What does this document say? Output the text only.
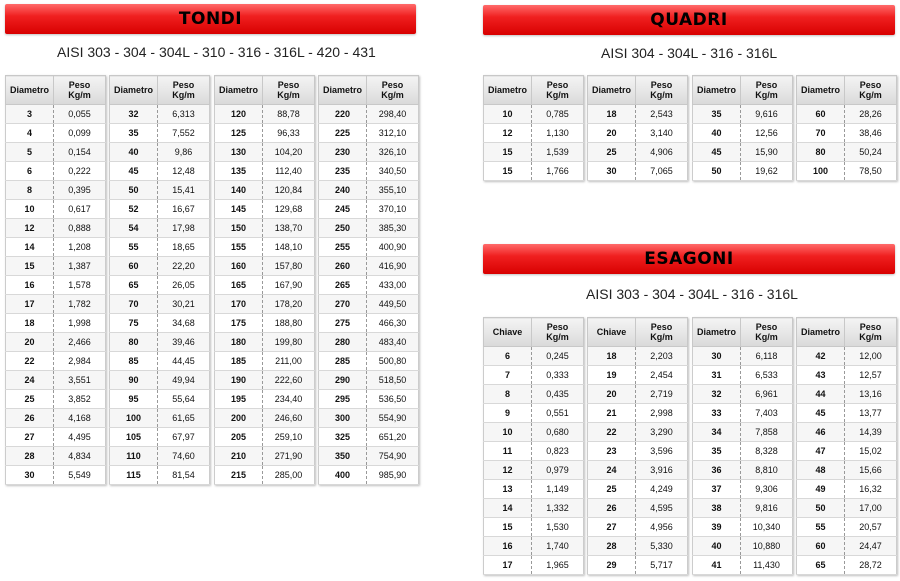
TONDI
AISI 303 - 304 - 304L - 310 - 316 - 316L - 420 - 431
QUADRI
AISI 304 - 304L - 316 - 316L
ESAGONI
AISI 303 - 304 - 304L - 316 - 316L
Diametro	Peso
Kg/m
3	0,055
4	0,099
5	0,154
6	0,222
8	0,395
10	0,617
12	0,888
14	1,208
15	1,387
16	1,578
17	1,782
18	1,998
20	2,466
22	2,984
24	3,551
25	3,852
26	4,168
27	4,495
28	4,834
30	5,549
Diametro	Peso
Kg/m
32	6,313
35	7,552
40	9,86
45	12,48
50	15,41
52	16,67
54	17,98
55	18,65
60	22,20
65	26,05
70	30,21
75	34,68
80	39,46
85	44,45
90	49,94
95	55,64
100	61,65
105	67,97
110	74,60
115	81,54
Diametro	Peso
Kg/m
120	88,78
125	96,33
130	104,20
135	112,40
140	120,84
145	129,68
150	138,70
155	148,10
160	157,80
165	167,90
170	178,20
175	188,80
180	199,80
185	211,00
190	222,60
195	234,40
200	246,60
205	259,10
210	271,90
215	285,00
Diametro	Peso
Kg/m
220	298,40
225	312,10
230	326,10
235	340,50
240	355,10
245	370,10
250	385,30
255	400,90
260	416,90
265	433,00
270	449,50
275	466,30
280	483,40
285	500,80
290	518,50
295	536,50
300	554,90
325	651,20
350	754,90
400	985,90
Diametro	Peso
Kg/m
10	0,785
12	1,130
15	1,539
15	1,766
Diametro	Peso
Kg/m
18	2,543
20	3,140
25	4,906
30	7,065
Diametro	Peso
Kg/m
35	9,616
40	12,56
45	15,90
50	19,62
Diametro	Peso
Kg/m
60	28,26
70	38,46
80	50,24
100	78,50
Chiave	Peso
Kg/m
6	0,245
7	0,333
8	0,435
9	0,551
10	0,680
11	0,823
12	0,979
13	1,149
14	1,332
15	1,530
16	1,740
17	1,965
Chiave	Peso
Kg/m
18	2,203
19	2,454
20	2,719
21	2,998
22	3,290
23	3,596
24	3,916
25	4,249
26	4,595
27	4,956
28	5,330
29	5,717
Diametro	Peso
Kg/m
30	6,118
31	6,533
32	6,961
33	7,403
34	7,858
35	8,328
36	8,810
37	9,306
38	9,816
39	10,340
40	10,880
41	11,430
Diametro	Peso
Kg/m
42	12,00
43	12,57
44	13,16
45	13,77
46	14,39
47	15,02
48	15,66
49	16,32
50	17,00
55	20,57
60	24,47
65	28,72
